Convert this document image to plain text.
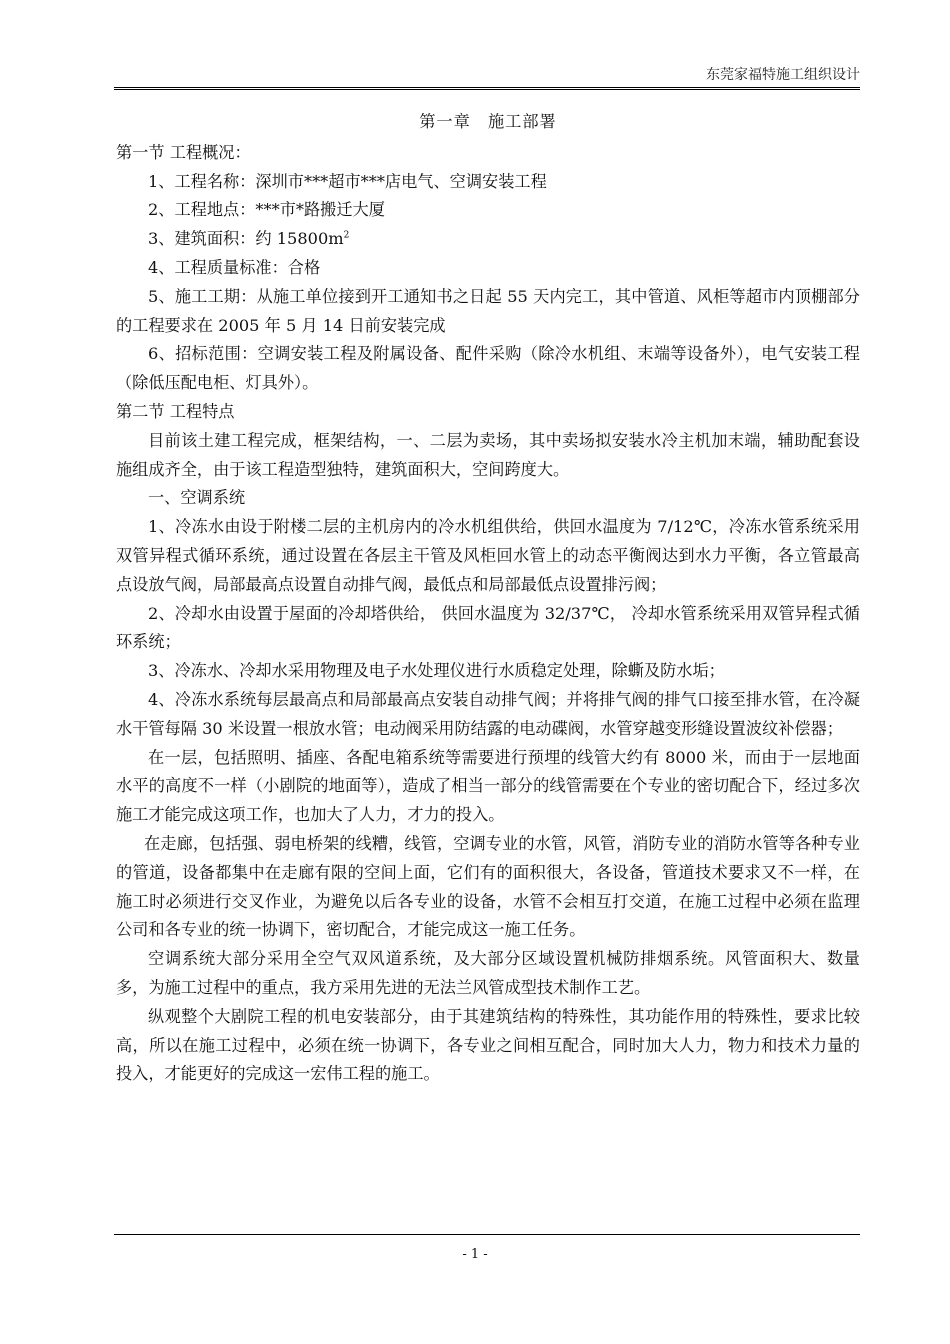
东莞家福特施工组织设计

第一章　施工部署

第一节 工程概况：

1、工程名称：深圳市***超市***店电气、空调安装工程

2、工程地点：***市*路搬迁大厦

3、建筑面积：约 $15800m^2$

4、工程质量标准：合格

5、施工工期：从施工单位接到开工通知书之日起 55 天内完工，其中管道、风柜等超市内顶棚部分的工程要求在 2005 年 5 月 14 日前安装完成

6、招标范围：空调安装工程及附属设备、配件采购（除冷水机组、末端等设备外），电气安装工程（除低压配电柜、灯具外）。

第二节 工程特点

目前该土建工程完成，框架结构，一、二层为卖场，其中卖场拟安装水冷主机加末端，辅助配套设施组成齐全，由于该工程造型独特，建筑面积大，空间跨度大。

一、空调系统

1、冷冻水由设于附楼二层的主机房内的冷水机组供给，供回水温度为 7/12℃，冷冻水管系统采用双管异程式循环系统，通过设置在各层主干管及风柜回水管上的动态平衡阀达到水力平衡，各立管最高点设放气阀，局部最高点设置自动排气阀，最低点和局部最低点设置排污阀；

2、冷却水由设置于屋面的冷却塔供给， 供回水温度为 32/37℃， 冷却水管系统采用双管异程式循环系统；

3、冷冻水、冷却水采用物理及电子水处理仪进行水质稳定处理，除蟖及防水垢；

4、冷冻水系统每层最高点和局部最高点安装自动排气阀；并将排气阀的排气口接至排水管，在冷凝水干管每隔 30 米设置一根放水管；电动阀采用防结露的电动碟阀，水管穿越变形缝设置波纹补偿器；

在一层，包括照明、插座、各配电箱系统等需要进行预埋的线管大约有 8000 米，而由于一层地面水平的高度不一样（小剧院的地面等），造成了相当一部分的线管需要在个专业的密切配合下，经过多次施工才能完成这项工作，也加大了人力，才力的投入。

在走廊，包括强、弱电桥架的线糟，线管，空调专业的水管，风管，消防专业的消防水管等各种专业的管道，设备都集中在走廊有限的空间上面，它们有的面积很大，各设备，管道技术要求又不一样，在施工时必须进行交叉作业，为避免以后各专业的设备，水管不会相互打交道，在施工过程中必须在监理公司和各专业的统一协调下，密切配合，才能完成这一施工任务。

空调系统大部分采用全空气双风道系统，及大部分区域设置机械防排烟系统。风管面积大、数量多，为施工过程中的重点，我方采用先进的无法兰风管成型技术制作工艺。

纵观整个大剧院工程的机电安装部分，由于其建筑结构的特殊性，其功能作用的特殊性，要求比较高，所以在施工过程中，必须在统一协调下，各专业之间相互配合，同时加大人力，物力和技术力量的投入，才能更好的完成这一宏伟工程的施工。

- 1 -
